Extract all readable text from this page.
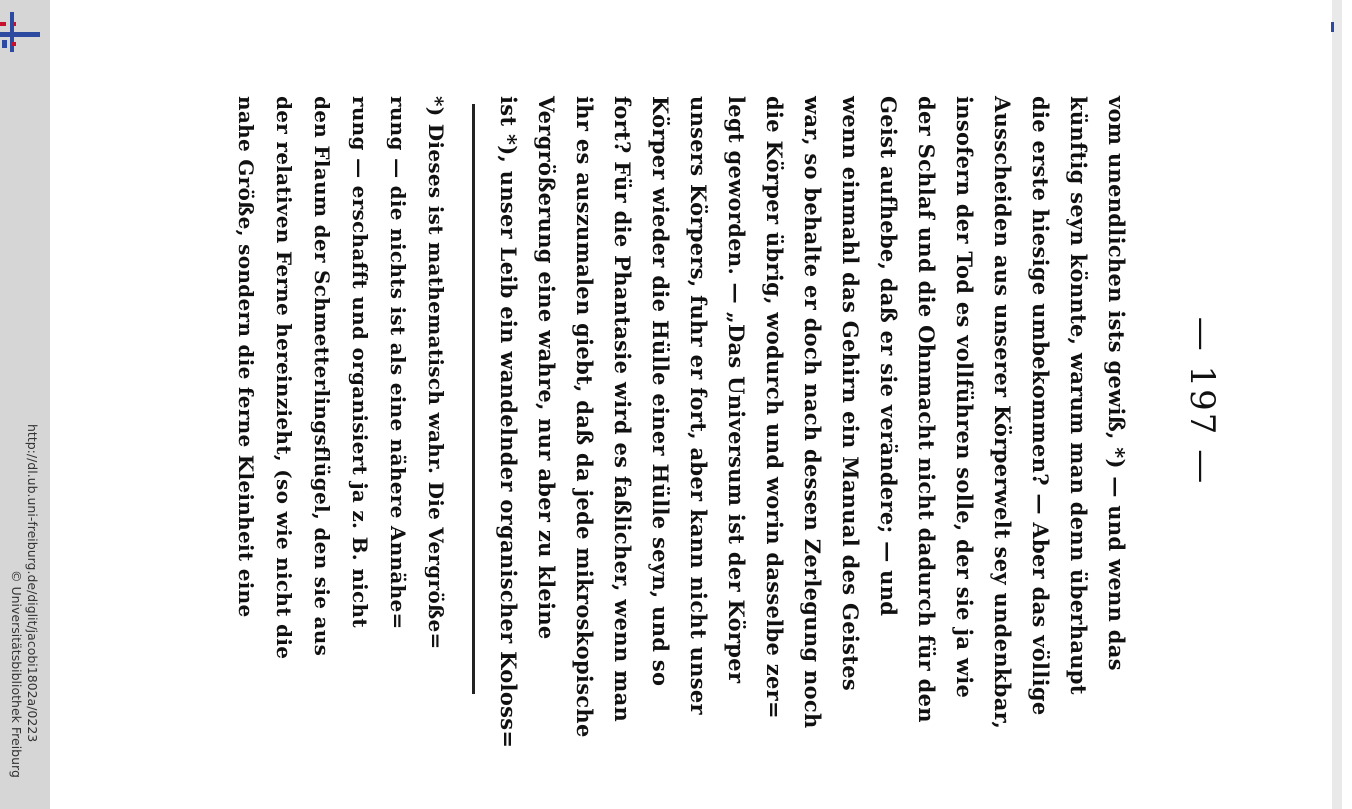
http://dl.ub.uni-freiburg.de/diglit/jacobi1802a/0223
© Universitätsbibliothek Freiburg
— 197 —
vom unendlichen ists gewiß, *) — und wenn das
künftig seyn könnte, warum man denn überhaupt
die erste hiesige umbekommen? — Aber das völlige
Ausscheiden aus unserer Körperwelt sey undenkbar,
insofern der Tod es vollführen solle, der sie ja wie
der Schlaf und die Ohnmacht nicht dadurch für den
Geist aufhebe, daß er sie verändere; — und
wenn einmahl das Gehirn ein Manual des Geistes
war, so behalte er doch nach dessen Zerlegung noch
die Körper übrig, wodurch und worin dasselbe zer=
legt geworden. — „Das Universum ist der Körper
unsers Körpers, fuhr er fort, aber kann nicht unser
Körper wieder die Hülle einer Hülle seyn, und so
fort? Für die Phantasie wird es faßlicher, wenn man
ihr es auszumalen giebt, daß da jede mikroskopische
Vergrößerung eine wahre, nur aber zu kleine
ist *), unser Leib ein wandelnder organischer Koloss=
*) Dieses ist mathematisch wahr. Die Vergröße=
rung — die nichts ist als eine nähere Annähe=
rung — erschafft und organisiert ja z. B. nicht
den Flaum der Schmetterlingsflügel, den sie aus
der relativen Ferne hereinzieht, (so wie nicht die
nahe Größe, sondern die ferne Kleinheit eine
